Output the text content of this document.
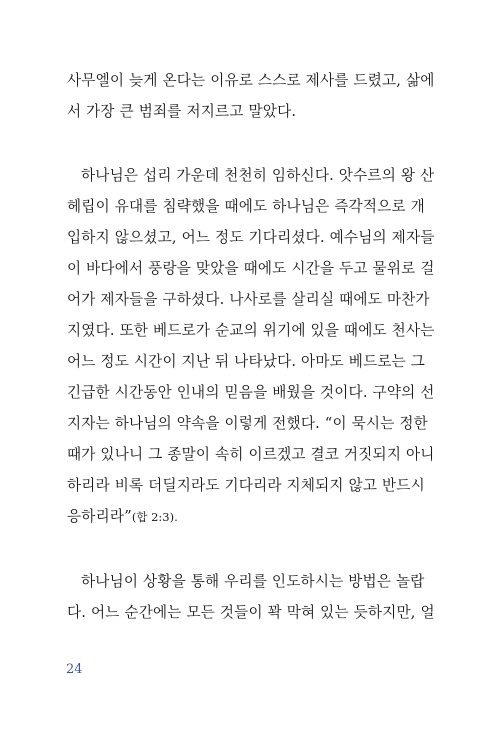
사무엘이 늦게 온다는 이유로 스스로 제사를 드렸고, 삶에
서 가장 큰 범죄를 저지르고 말았다.
하나님은 섭리 가운데 천천히 임하신다. 앗수르의 왕 산
헤립이 유대를 침략했을 때에도 하나님은 즉각적으로 개
입하지 않으셨고, 어느 정도 기다리셨다. 예수님의 제자들
이 바다에서 풍랑을 맞았을 때에도 시간을 두고 물위로 걸
어가 제자들을 구하셨다. 나사로를 살리실 때에도 마찬가
지였다. 또한 베드로가 순교의 위기에 있을 때에도 천사는
어느 정도 시간이 지난 뒤 나타났다. 아마도 베드로는 그
긴급한 시간동안 인내의 믿음을 배웠을 것이다. 구약의 선
지자는 하나님의 약속을 이렇게 전했다. “이 묵시는 정한
때가 있나니 그 종말이 속히 이르겠고 결코 거짓되지 아니
하리라 비록 더딜지라도 기다리라 지체되지 않고 반드시
응하리라”(합 2:3).
하나님이 상황을 통해 우리를 인도하시는 방법은 놀랍
다. 어느 순간에는 모든 것들이 꽉 막혀 있는 듯하지만, 얼
24
